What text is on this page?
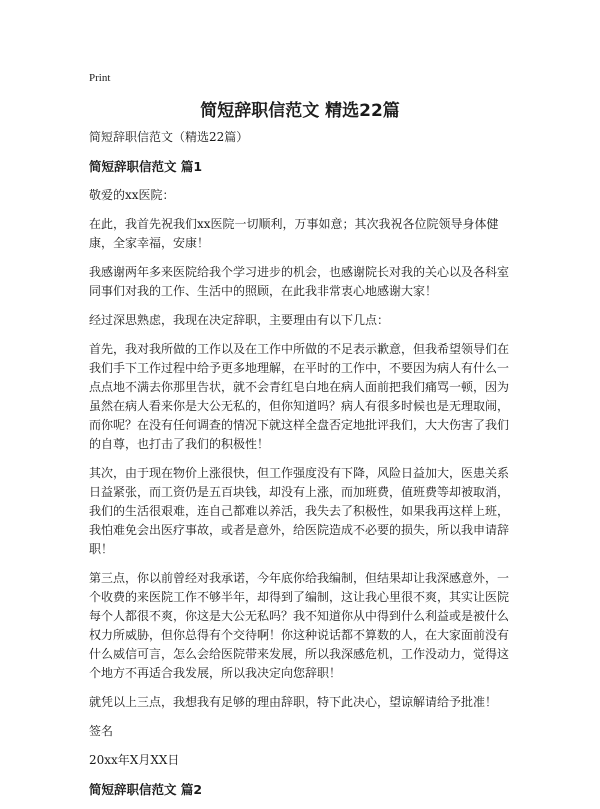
Print
简短辞职信范文 精选22篇
简短辞职信范文（精选22篇）
简短辞职信范文 篇1
敬爱的xx医院：

在此，我首先祝我们xx医院一切顺利，万事如意；其次我祝各位院领导身体健康，全家幸福，安康！

我感谢两年多来医院给我个学习进步的机会，也感谢院长对我的关心以及各科室同事们对我的工作、生活中的照顾，在此我非常衷心地感谢大家！

经过深思熟虑，我现在决定辞职，主要理由有以下几点：

首先，我对我所做的工作以及在工作中所做的不足表示歉意，但我希望领导们在我们手下工作过程中给予更多地理解，在平时的工作中，不要因为病人有什么一点点地不满去你那里告状，就不会青红皂白地在病人面前把我们痛骂一顿，因为虽然在病人看来你是大公无私的，但你知道吗？病人有很多时候也是无理取闹，而你呢？在没有任何调查的情况下就这样全盘否定地批评我们，大大伤害了我们的自尊，也打击了我们的积极性！

其次，由于现在物价上涨很快，但工作强度没有下降，风险日益加大，医患关系日益紧张，而工资仍是五百块钱，却没有上涨，而加班费，值班费等却被取消，我们的生活很艰难，连自己都难以养活，我失去了积极性，如果我再这样上班，我怕难免会出医疗事故，或者是意外，给医院造成不必要的损失，所以我申请辞职！

第三点，你以前曾经对我承诺，今年底你给我编制，但结果却让我深感意外，一个收费的来医院工作不够半年，却得到了编制，这让我心里很不爽，其实让医院每个人都很不爽，你这是大公无私吗？我不知道你从中得到什么利益或是被什么权力所威胁，但你总得有个交待啊！你这种说话都不算数的人，在大家面前没有什么威信可言，怎么会给医院带来发展，所以我深感危机，工作没动力，觉得这个地方不再适合我发展，所以我决定向您辞职！

就凭以上三点，我想我有足够的理由辞职，特下此决心，望谅解请给予批准！

签名
20xx年X月XX日
简短辞职信范文 篇2
